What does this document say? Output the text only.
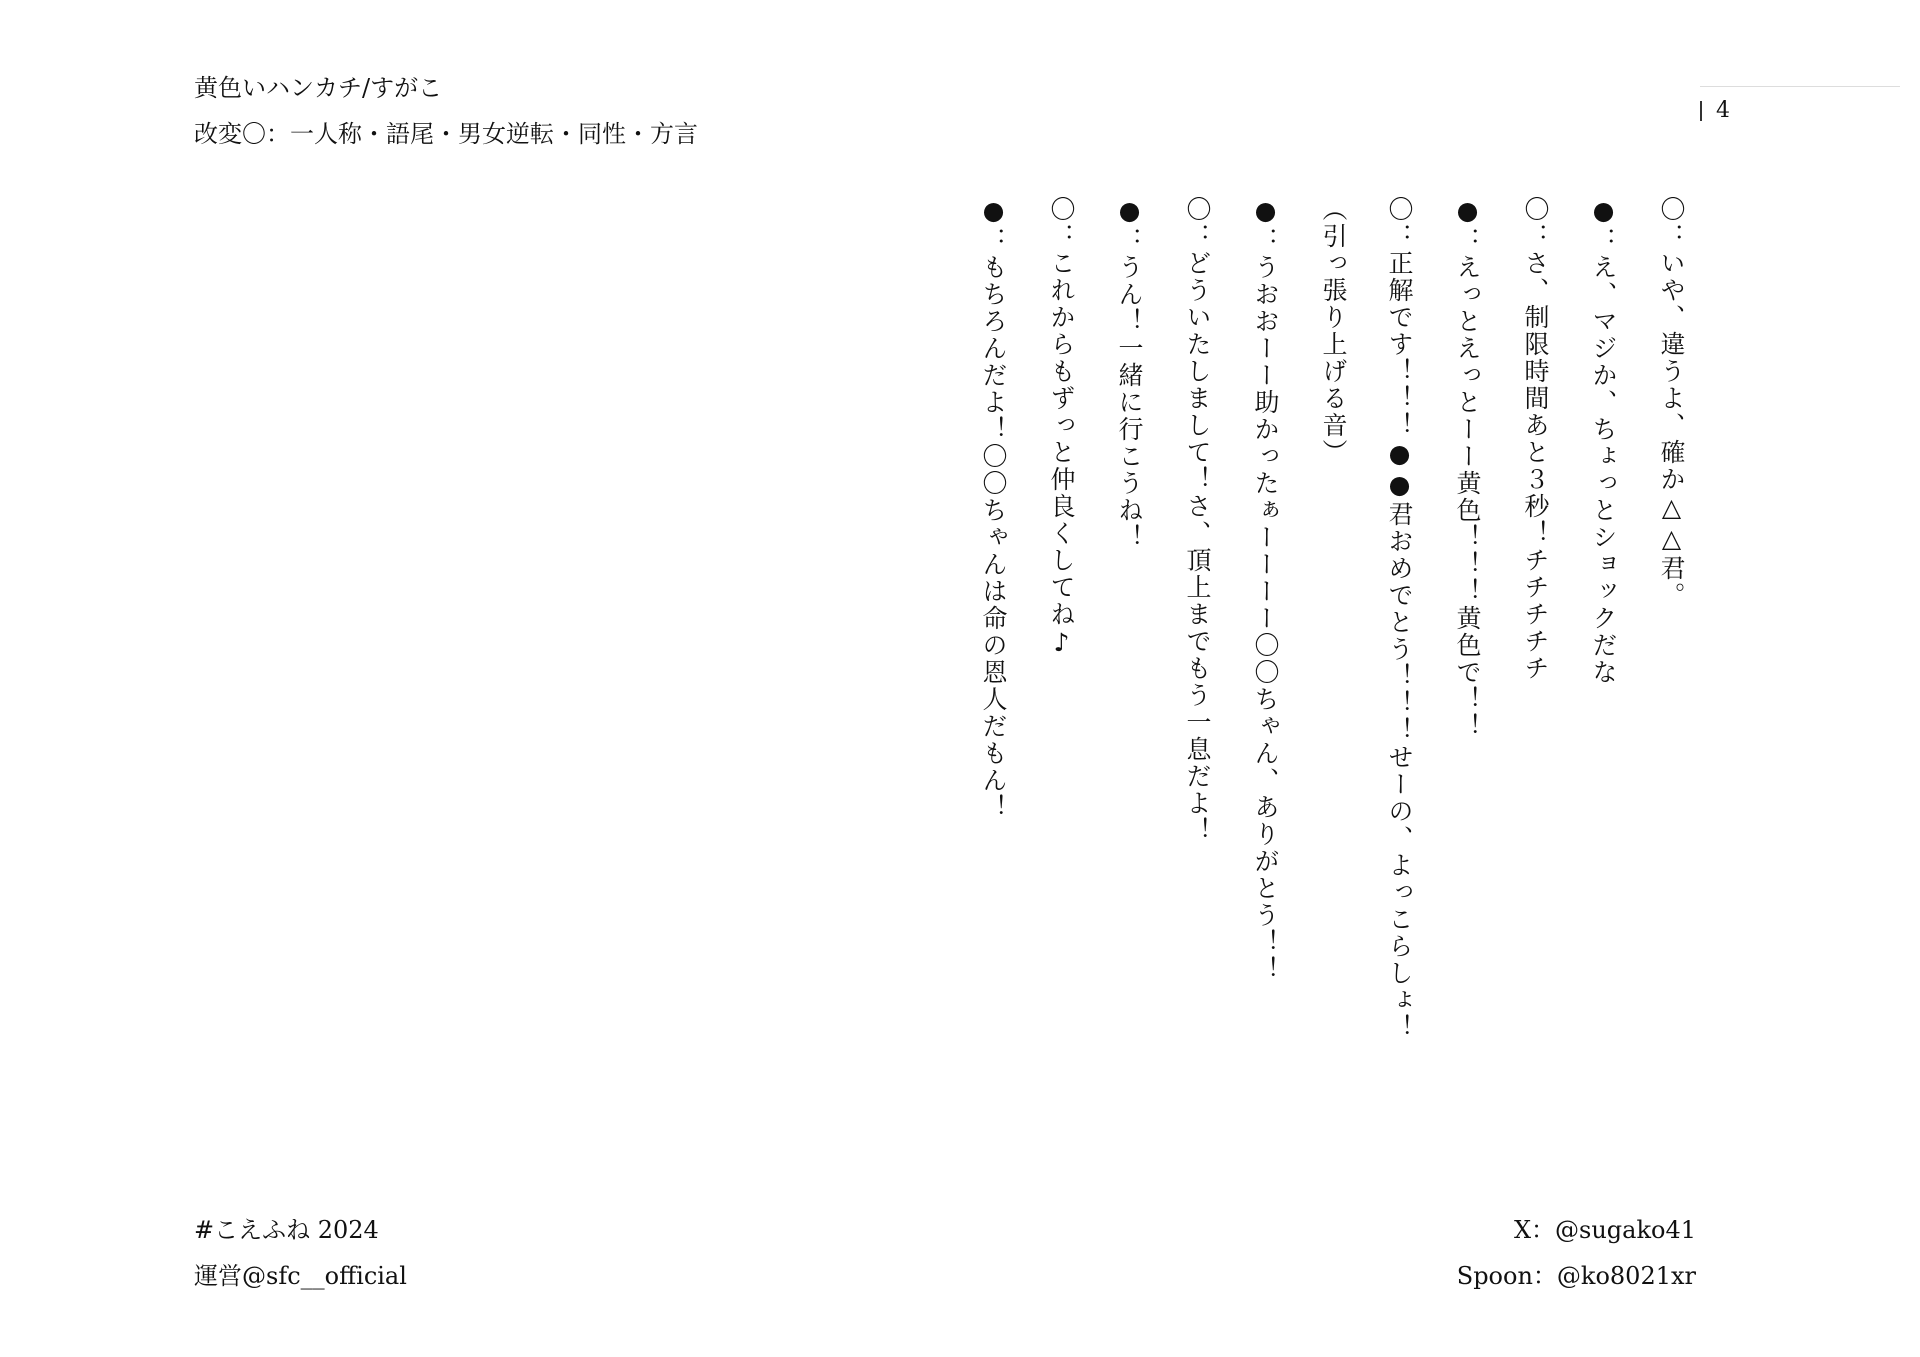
黄色いハンカチ/すがこ
改変〇：一人称・語尾・男女逆転・同性・方言
4
〇：いや、違うよ、確か△△君。
●：え、マジか、ちょっとショックだな
〇：さ、制限時間あと３秒！チチチチチ
●：えっとえっとーー黄色！！！黄色で！！
〇：正解です！！！●●君おめでとう！！！せーの、よっこらしょ！
（引っ張り上げる音）
●：うおおーー助かったぁーーーー〇〇ちゃん、ありがとう！！
〇：どういたしまして！さ、頂上までもう一息だよ！
●：うん！一緒に行こうね！
〇：これからもずっと仲良くしてね♪
●：もちろんだよ！〇〇ちゃんは命の恩人だもん！
#こえふね 2024
運営@sfc__official
X：@sugako41
Spoon：@ko8021xr
